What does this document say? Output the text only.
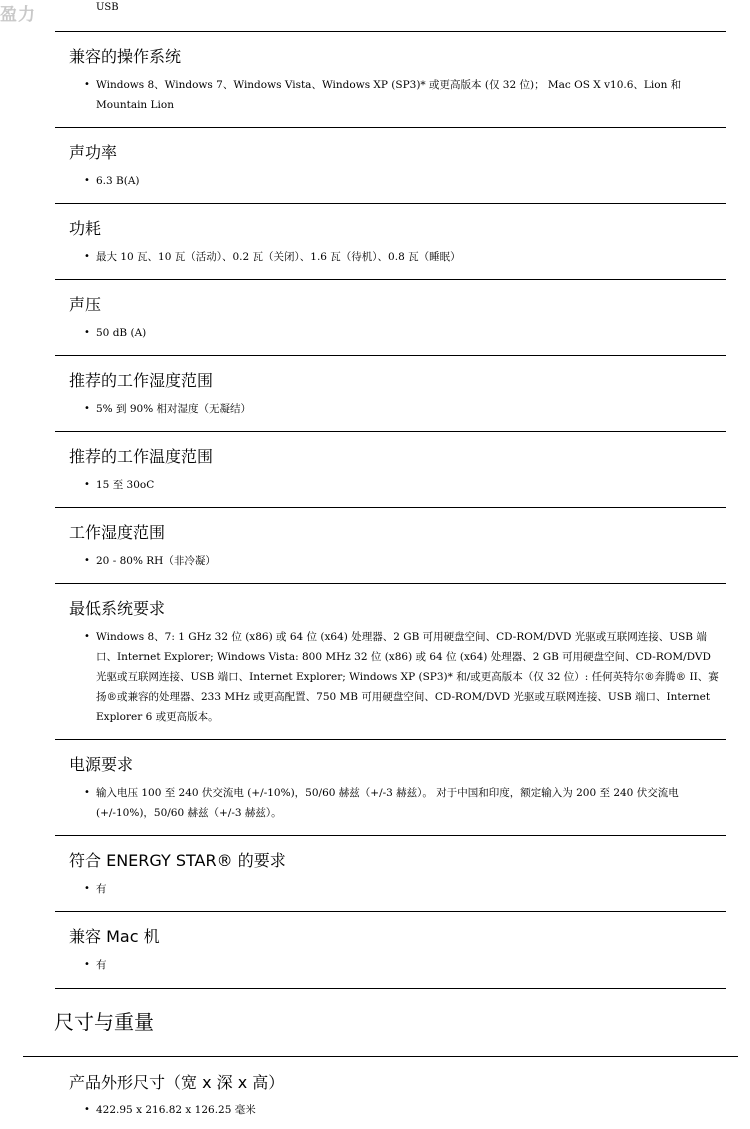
盈力	USB
兼容的操作系统
• Windows 8、Windows 7、Windows Vista、Windows XP (SP3)* 或更高版本 (仅 32 位)； Mac OS X v10.6、Lion 和 Mountain Lion
声功率
• 6.3 B(A)
功耗
• 最大 10 瓦、10 瓦（活动）、0.2 瓦（关闭）、1.6 瓦（待机）、0.8 瓦（睡眠）
声压
• 50 dB (A)
推荐的工作湿度范围
• 5% 到 90% 相对湿度（无凝结）
推荐的工作温度范围
• 15 至 30oC
工作湿度范围
• 20 - 80% RH（非冷凝）
最低系统要求
• Windows 8、7: 1 GHz 32 位 (x86) 或 64 位 (x64) 处理器、2 GB 可用硬盘空间、CD-ROM/DVD 光驱或互联网连接、USB 端口、Internet Explorer; Windows Vista: 800 MHz 32 位 (x86) 或 64 位 (x64) 处理器、2 GB 可用硬盘空间、CD-ROM/DVD 光驱或互联网连接、USB 端口、Internet Explorer; Windows XP (SP3)* 和/或更高版本（仅 32 位）: 任何英特尔®奔腾® II、赛扬®或兼容的处理器、233 MHz 或更高配置、750 MB 可用硬盘空间、CD-ROM/DVD 光驱或互联网连接、USB 端口、Internet Explorer 6 或更高版本。
电源要求
• 输入电压 100 至 240 伏交流电 (+/-10%)，50/60 赫兹（+/-3 赫兹）。 对于中国和印度，额定输入为 200 至 240 伏交流电 (+/-10%)，50/60 赫兹（+/-3 赫兹）。
符合 ENERGY STAR® 的要求
• 有
兼容 Mac 机
• 有
尺寸与重量
产品外形尺寸（宽 x 深 x 高）
• 422.95 x 216.82 x 126.25 毫米
